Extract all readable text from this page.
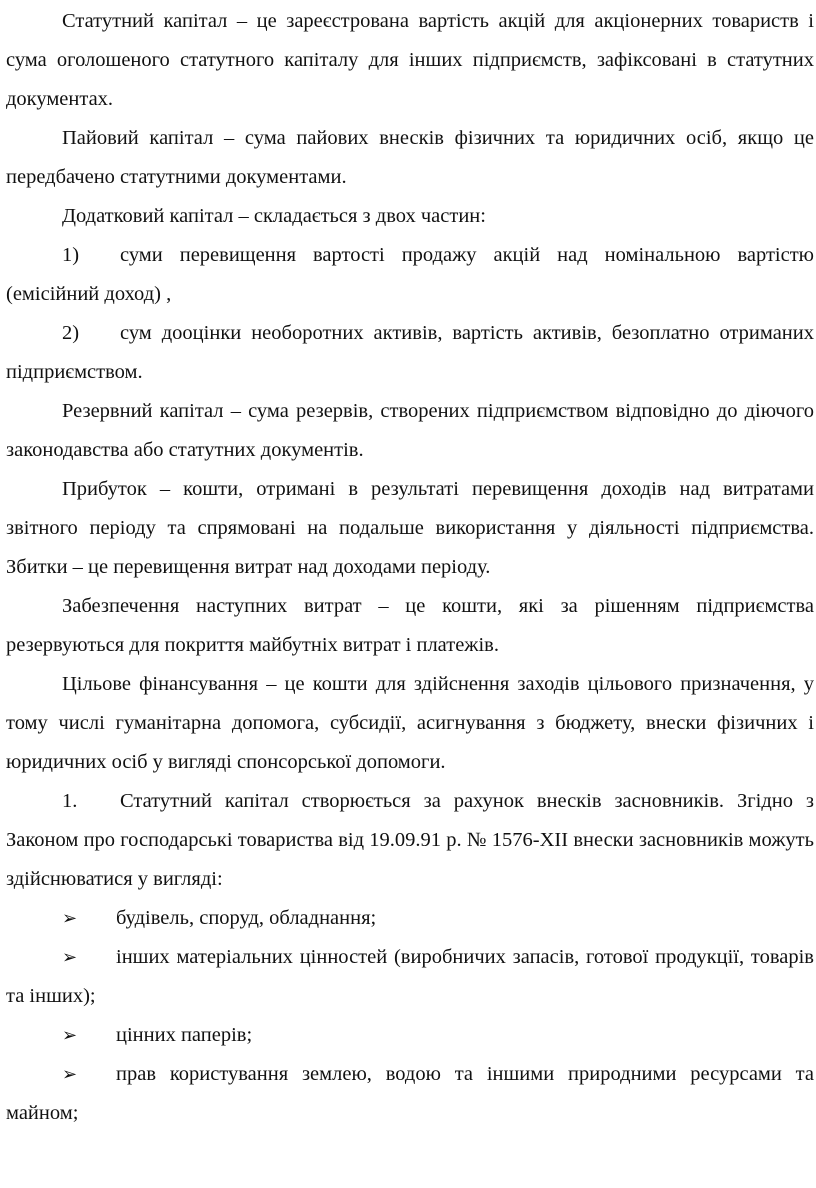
Статутний капітал – це зареєстрована вартість акцій для акціонерних товариств і сума оголошеного статутного капіталу для інших підприємств, зафіксовані в статутних документах.

Пайовий капітал – сума пайових внесків фізичних та юридичних осіб, якщо це передбачено статутними документами.

Додатковий капітал – складається з двох частин:

1) суми перевищення вартості продажу акцій над номінальною вартістю (емісійний доход) ,

2) сум дооцінки необоротних активів, вартість активів, безоплатно отриманих підприємством.

Резервний капітал – сума резервів, створених підприємством відповідно до діючого законодавства або статутних документів.

Прибуток – кошти, отримані в результаті перевищення доходів над витратами звітного періоду та спрямовані на подальше використання у діяльності підприємства. Збитки – це перевищення витрат над доходами періоду.

Забезпечення наступних витрат – це кошти, які за рішенням підприємства резервуються для покриття майбутніх витрат і платежів.

Цільове фінансування – це кошти для здійснення заходів цільового призначення, у тому числі гуманітарна допомога, субсидії, асигнування з бюджету, внески фізичних і юридичних осіб у вигляді спонсорської допомоги.

1. Статутний капітал створюється за рахунок внесків засновників. Згідно з Законом про господарські товариства від 19.09.91 р. № 1576-XII внески засновників можуть здійснюватися у вигляді:

➢ будівель, споруд, обладнання;

➢ інших матеріальних цінностей (виробничих запасів, готової продукції, товарів та інших);

➢ цінних паперів;

➢ прав користування землею, водою та іншими природними ресурсами та майном;
